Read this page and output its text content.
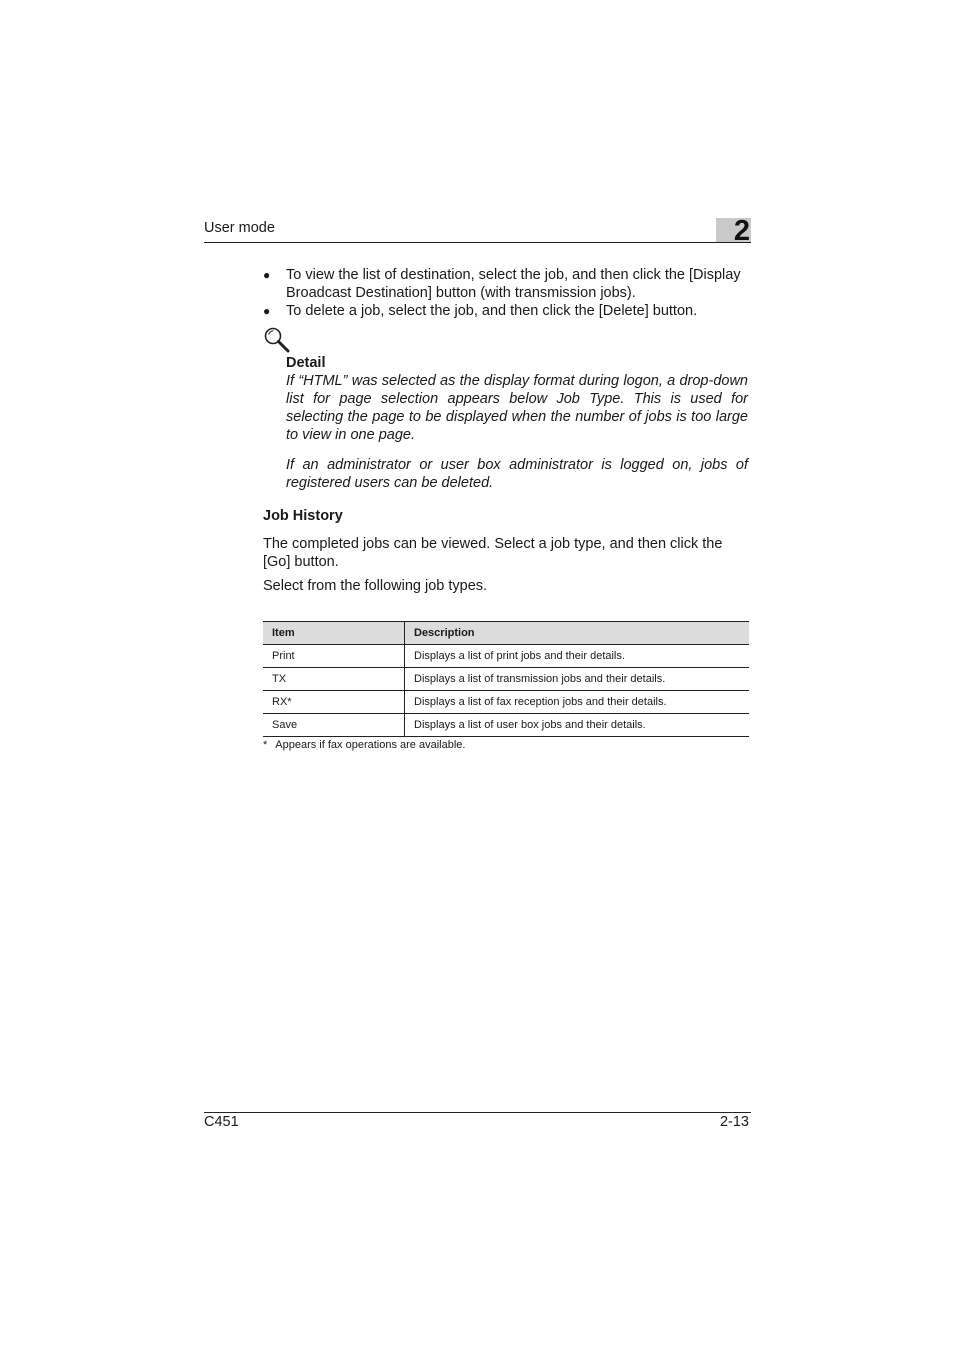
User mode	2
● To view the list of destination, select the job, and then click the [Display Broadcast Destination] button (with transmission jobs).
● To delete a job, select the job, and then click the [Delete] button.

Detail

If “HTML” was selected as the display format during logon, a drop-down list for page selection appears below Job Type. This is used for selecting the page to be displayed when the number of jobs is too large to view in one page.

If an administrator or user box administrator is logged on, jobs of registered users can be deleted.

Job History

The completed jobs can be viewed. Select a job type, and then click the [Go] button.

Select from the following job types.
Item	Description
Print	Displays a list of print jobs and their details.
TX	Displays a list of transmission jobs and their details.
RX*	Displays a list of fax reception jobs and their details.
Save	Displays a list of user box jobs and their details.
* Appears if fax operations are available.
C451	2-13
